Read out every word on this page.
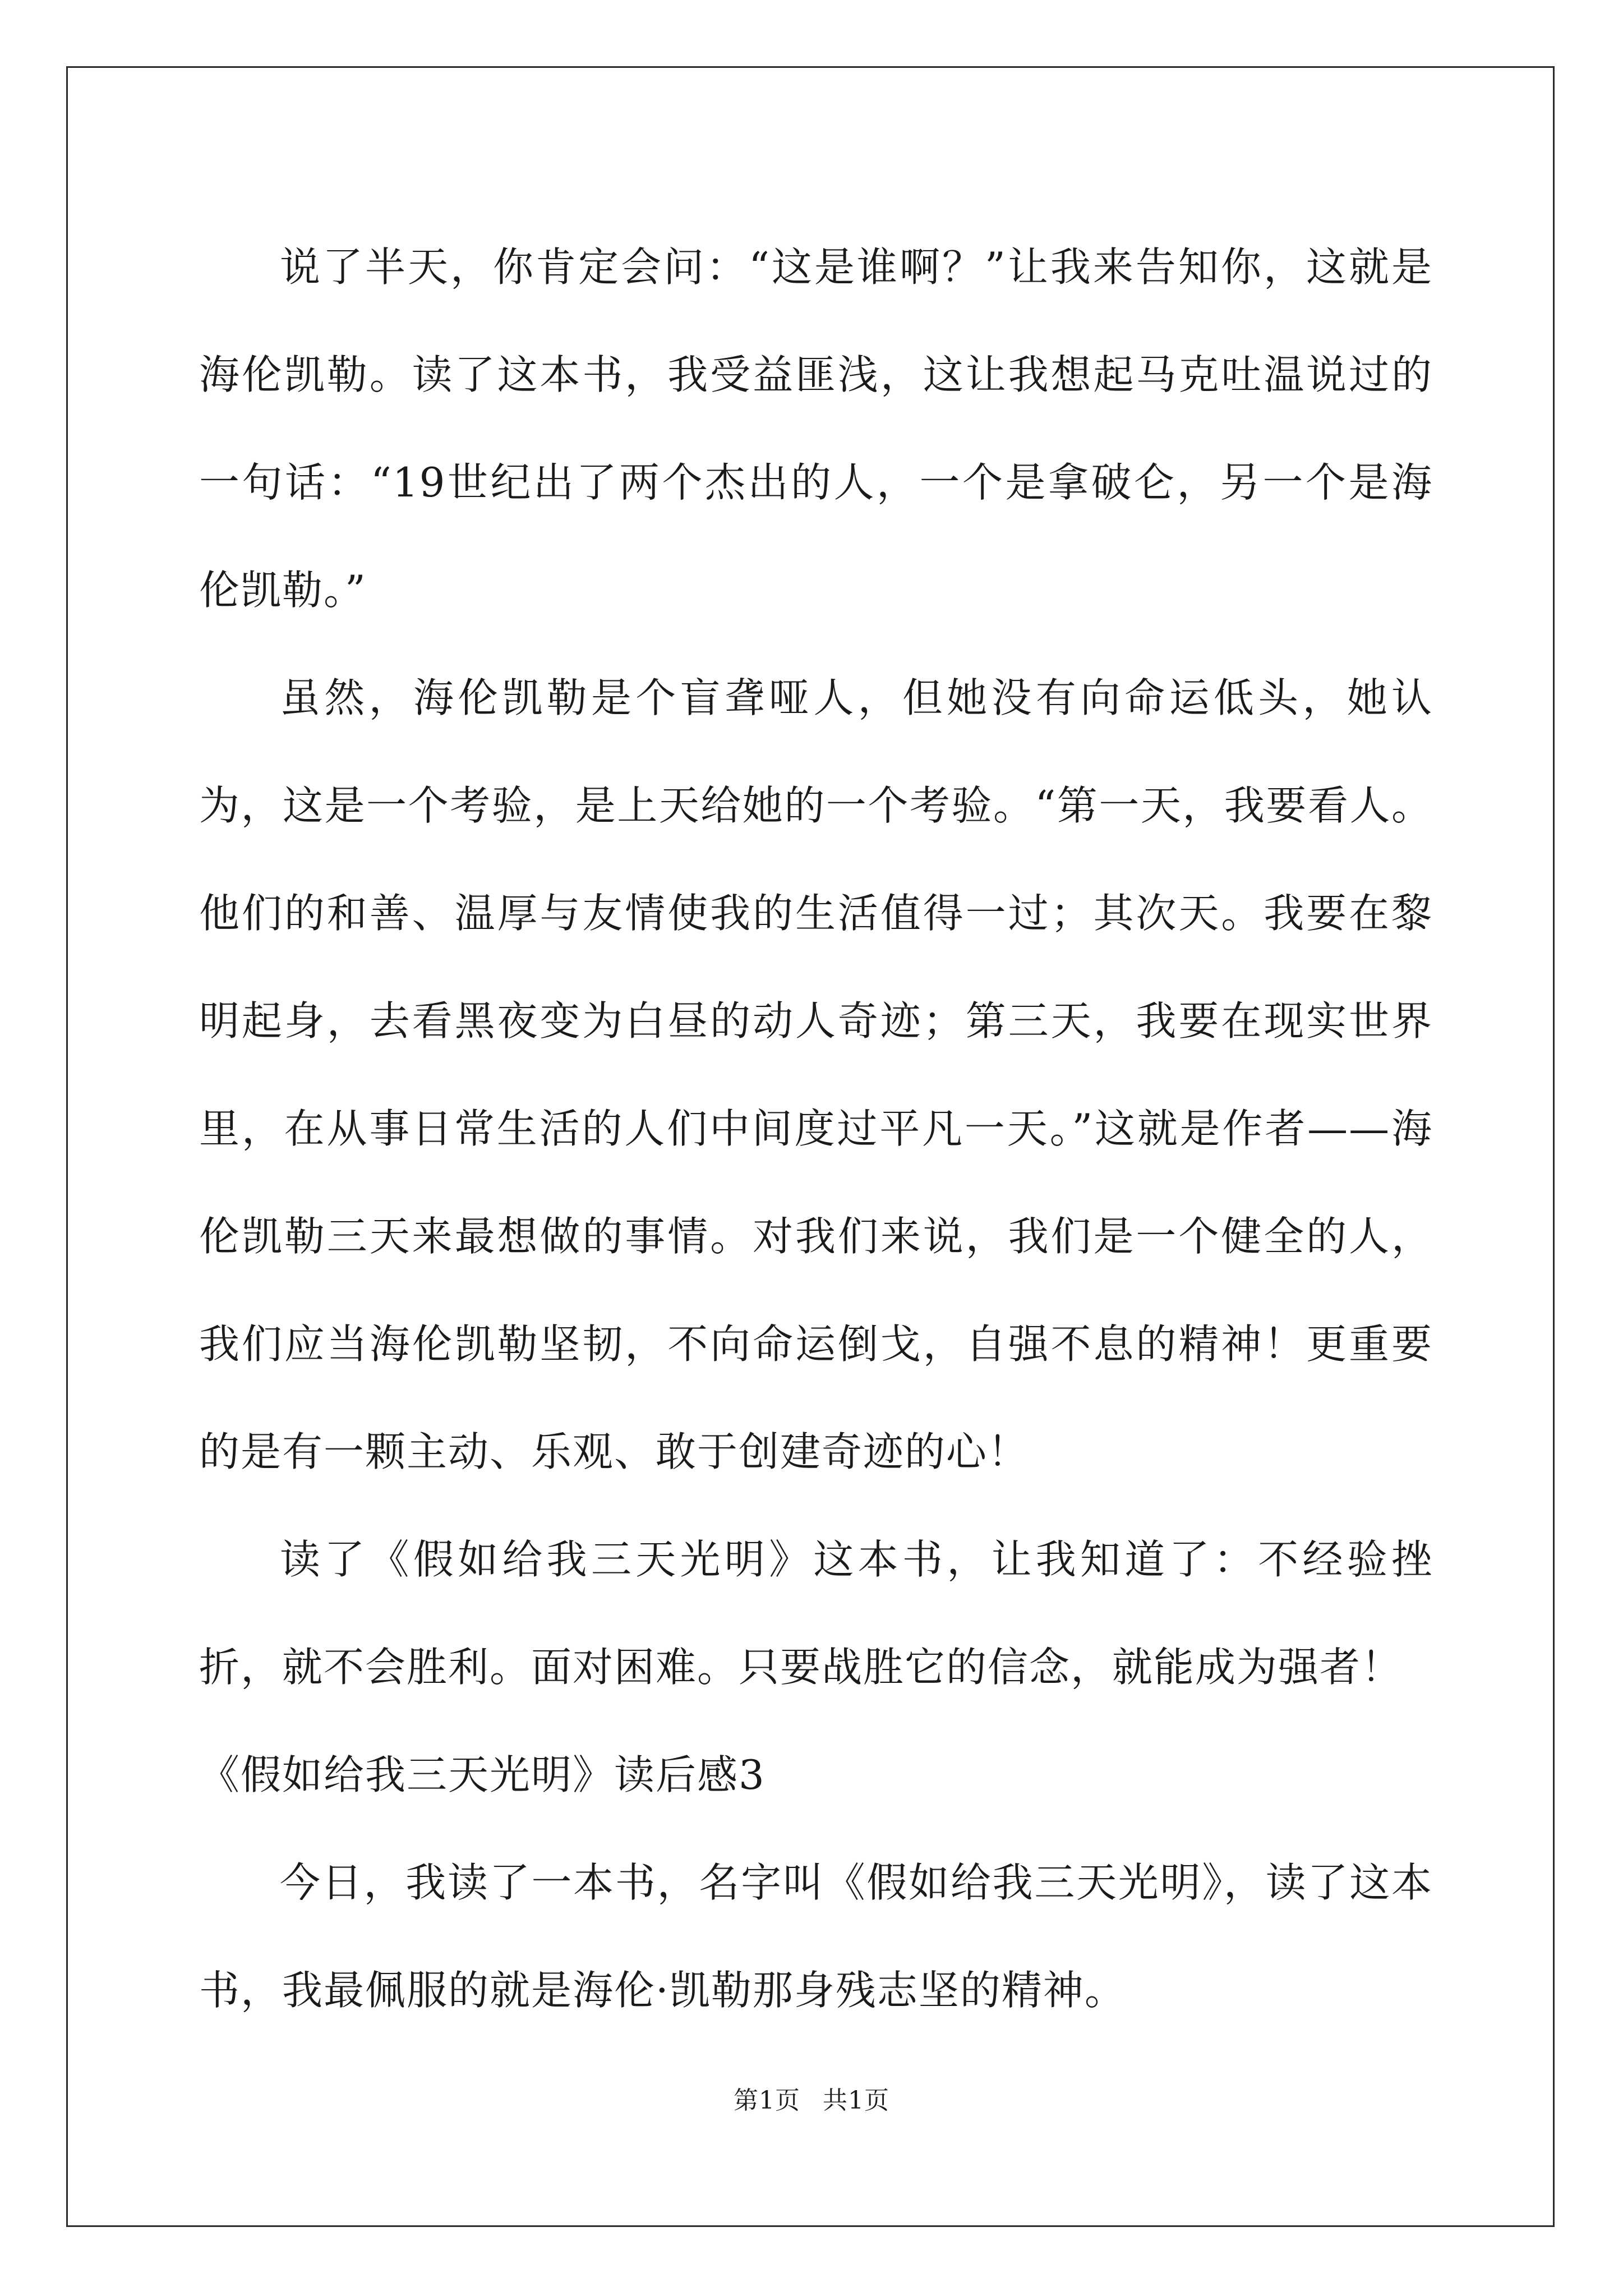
说了半天，你肯定会问：“这是谁啊？”让我来告知你，这就是海伦凯勒。读了这本书，我受益匪浅，这让我想起马克吐温说过的一句话：“19世纪出了两个杰出的人，一个是拿破仑，另一个是海伦凯勒。”

虽然，海伦凯勒是个盲聋哑人，但她没有向命运低头，她认为，这是一个考验，是上天给她的一个考验。“第一天，我要看人。他们的和善、温厚与友情使我的生活值得一过；其次天。我要在黎明起身，去看黑夜变为白昼的动人奇迹；第三天，我要在现实世界里，在从事日常生活的人们中间度过平凡一天。”这就是作者——海伦凯勒三天来最想做的事情。对我们来说，我们是一个健全的人，我们应当海伦凯勒坚韧，不向命运倒戈，自强不息的精神！更重要的是有一颗主动、乐观、敢于创建奇迹的心！

读了《假如给我三天光明》这本书，让我知道了：不经验挫折，就不会胜利。面对困难。只要战胜它的信念，就能成为强者！

《假如给我三天光明》读后感3

今日，我读了一本书，名字叫《假如给我三天光明》，读了这本书，我最佩服的就是海伦·凯勒那身残志坚的精神。

第1页 共1页
